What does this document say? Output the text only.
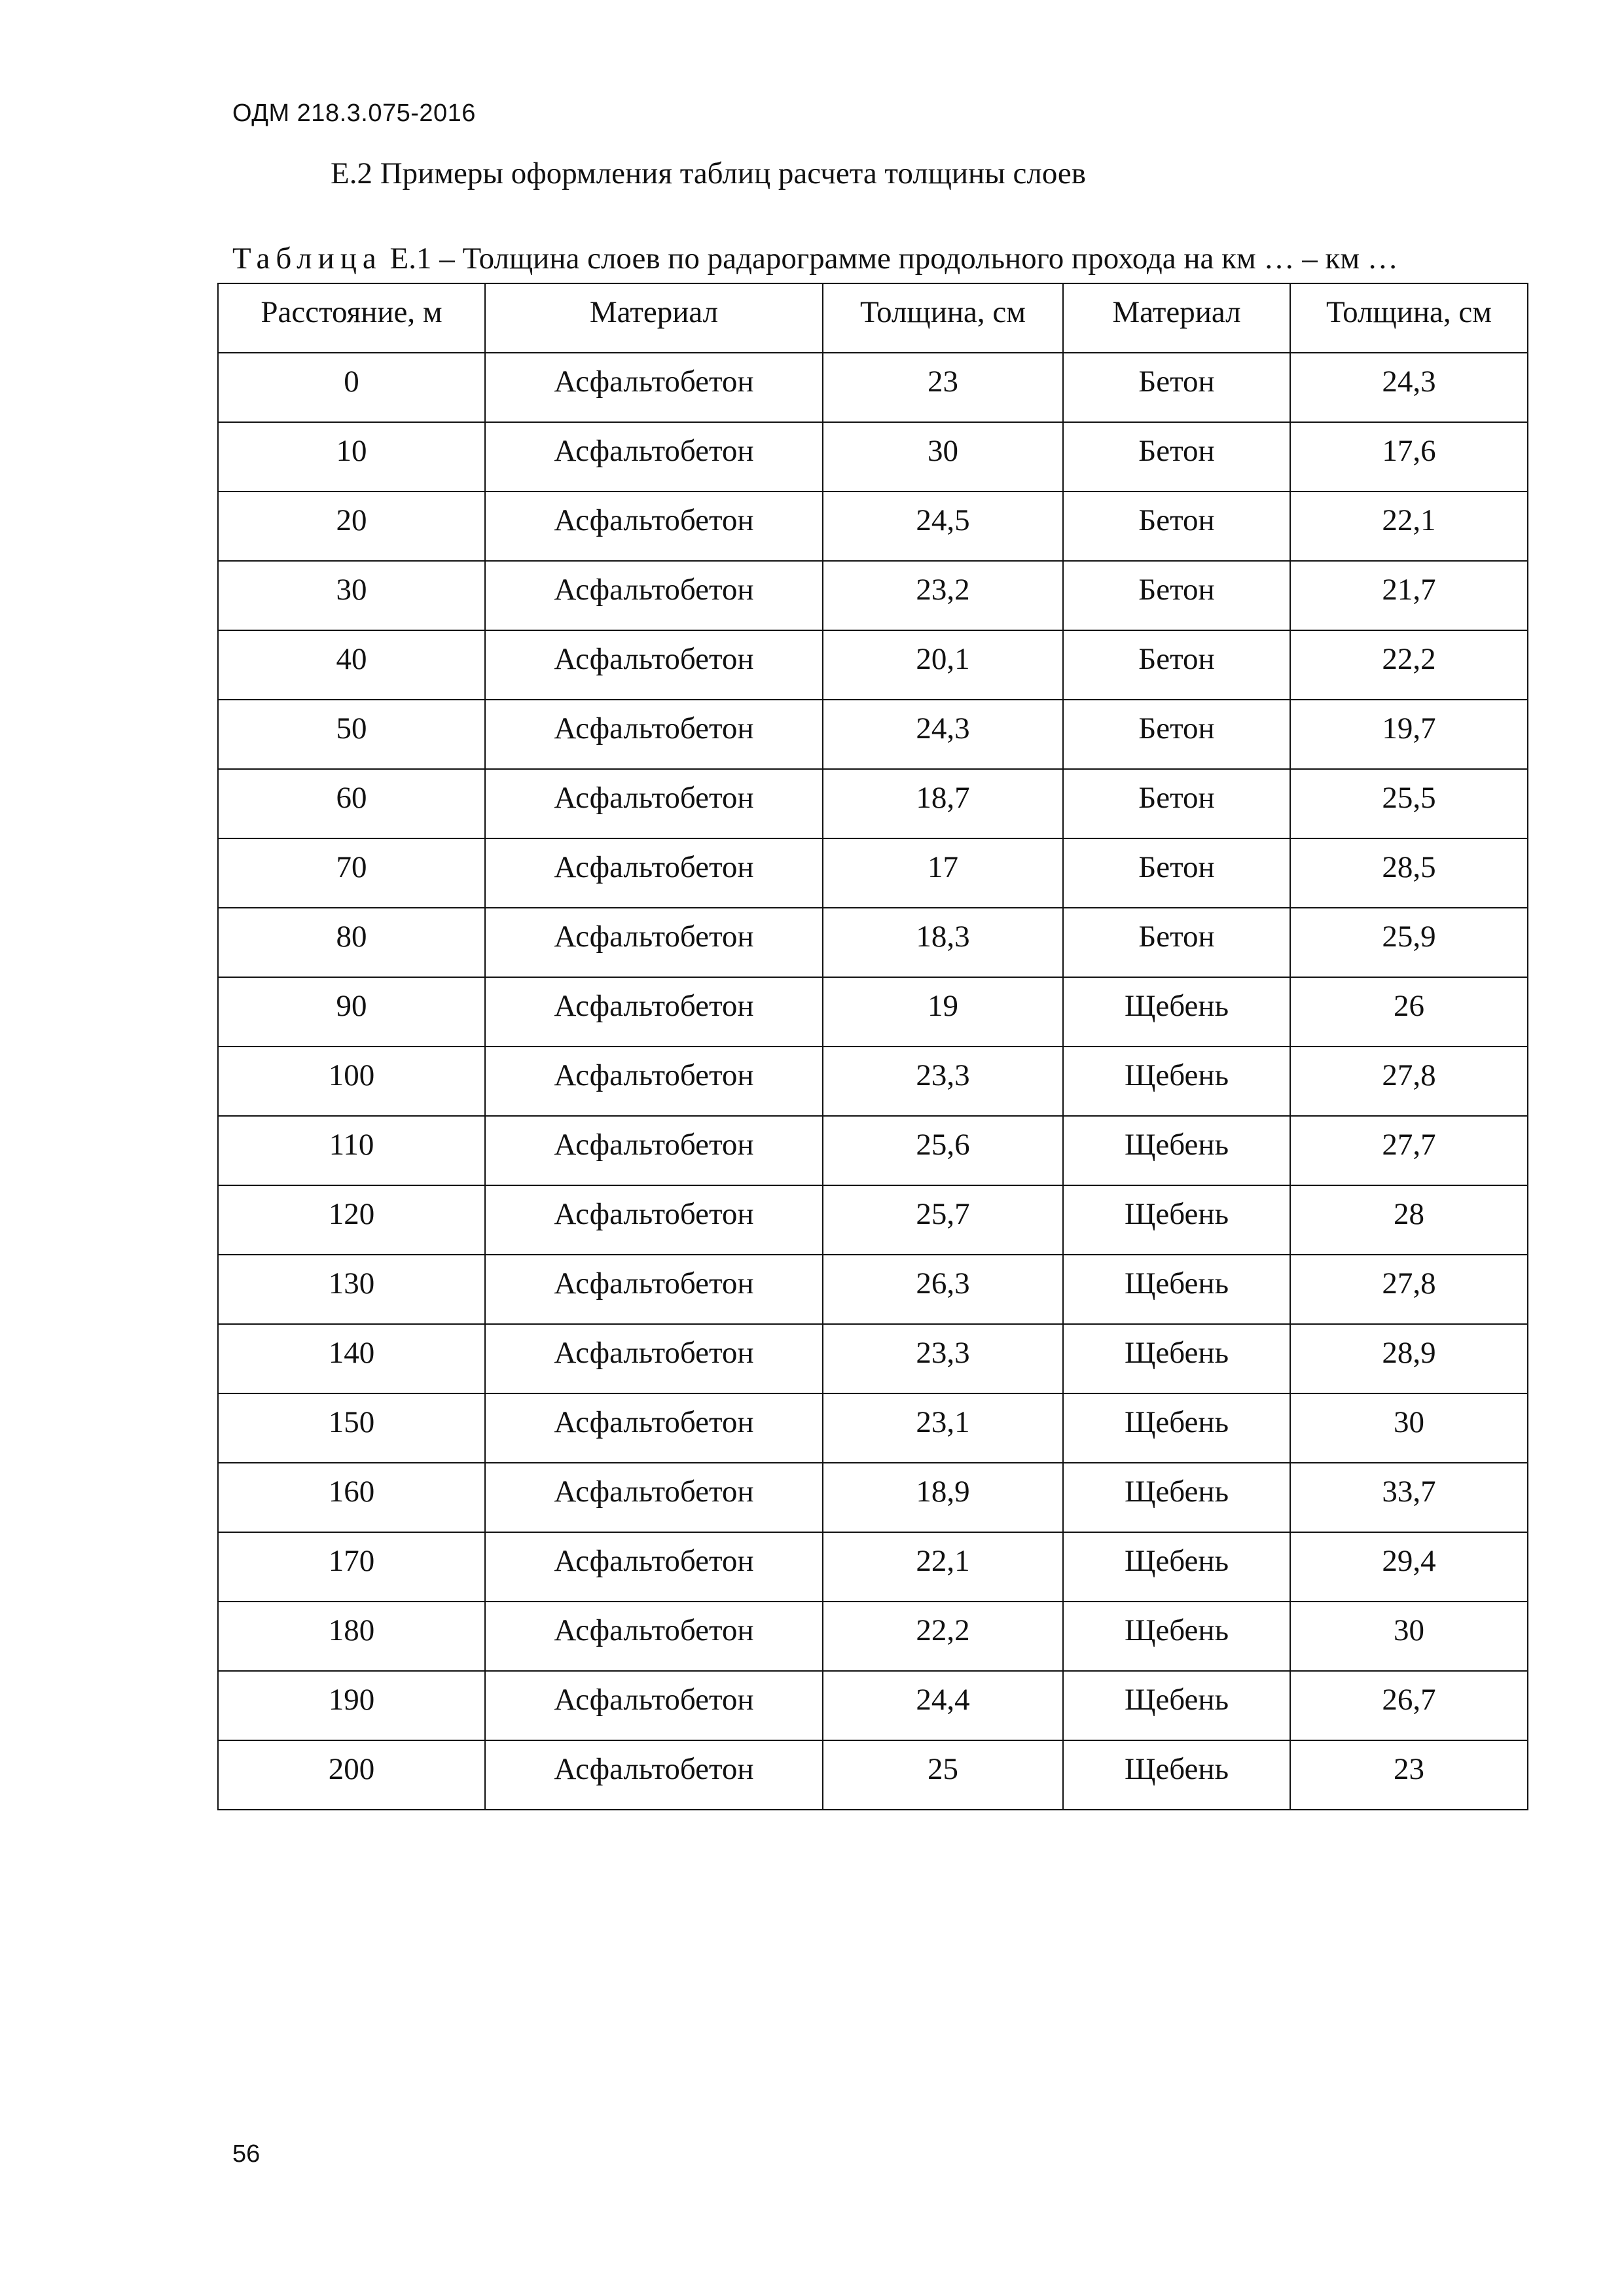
ОДМ 218.3.075-2016
Е.2 Примеры оформления таблиц расчета толщины слоев
Таблица Е.1 – Толщина слоев по радарограмме продольного прохода на км … – км …
Расстояние, м	Материал	Толщина, см	Материал	Толщина, см
0	Асфальтобетон	23	Бетон	24,3
10	Асфальтобетон	30	Бетон	17,6
20	Асфальтобетон	24,5	Бетон	22,1
30	Асфальтобетон	23,2	Бетон	21,7
40	Асфальтобетон	20,1	Бетон	22,2
50	Асфальтобетон	24,3	Бетон	19,7
60	Асфальтобетон	18,7	Бетон	25,5
70	Асфальтобетон	17	Бетон	28,5
80	Асфальтобетон	18,3	Бетон	25,9
90	Асфальтобетон	19	Щебень	26
100	Асфальтобетон	23,3	Щебень	27,8
110	Асфальтобетон	25,6	Щебень	27,7
120	Асфальтобетон	25,7	Щебень	28
130	Асфальтобетон	26,3	Щебень	27,8
140	Асфальтобетон	23,3	Щебень	28,9
150	Асфальтобетон	23,1	Щебень	30
160	Асфальтобетон	18,9	Щебень	33,7
170	Асфальтобетон	22,1	Щебень	29,4
180	Асфальтобетон	22,2	Щебень	30
190	Асфальтобетон	24,4	Щебень	26,7
200	Асфальтобетон	25	Щебень	23
56
